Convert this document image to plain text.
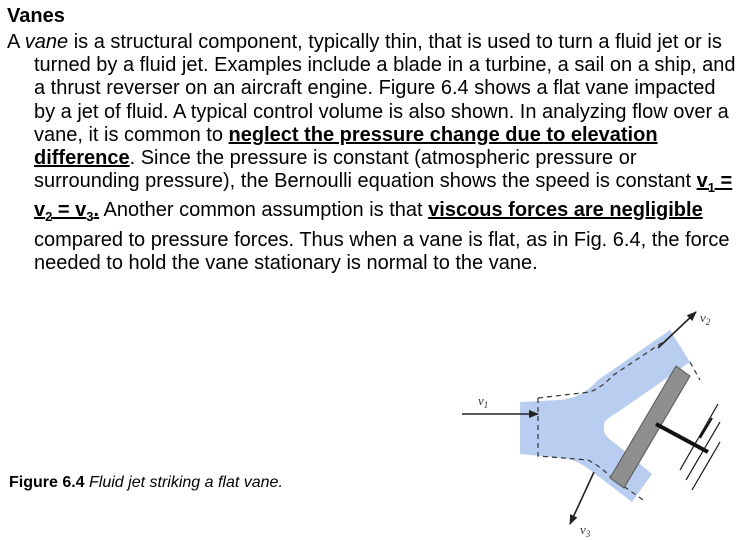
Vanes
A vane is a structural component, typically thin, that is used to turn a fluid jet or is turned by a fluid jet. Examples include a blade in a turbine, a sail on a ship, and a thrust reverser on an aircraft engine. Figure 6.4 shows a flat vane impacted by a jet of fluid. A typical control volume is also shown. In analyzing flow over a vane, it is common to neglect the pressure change due to elevation difference. Since the pressure is constant (atmospheric pressure or surrounding pressure), the Bernoulli equation shows the speed is constant $v_1 = v_2 = v_3$. Another common assumption is that viscous forces are negligible compared to pressure forces. Thus when a vane is flat, as in Fig. 6.4, the force needed to hold the vane stationary is normal to the vane.
$v_1$
$v_2$
$v_3$
Figure 6.4 Fluid jet striking a flat vane.
